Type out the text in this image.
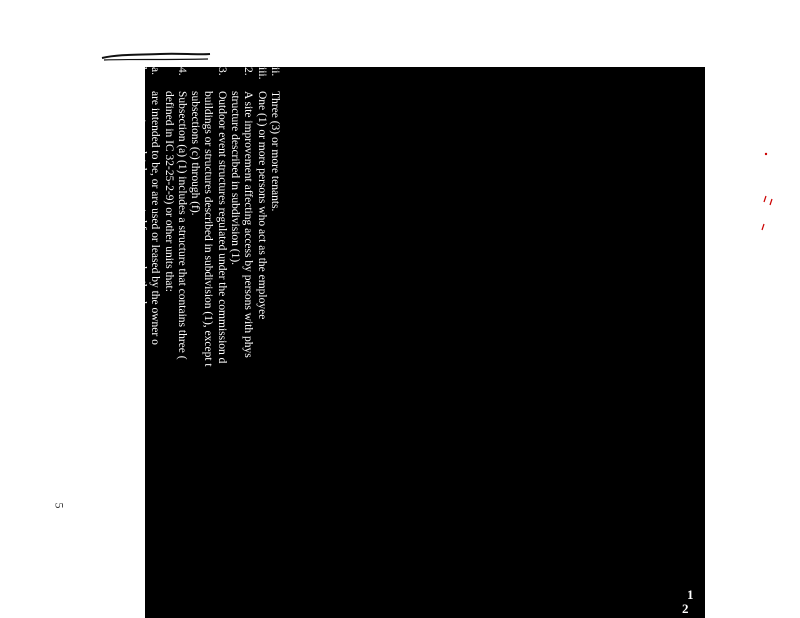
5
ii.
Three (3) or more tenants.
iii.
One (1) or more persons who act as the employee
2.
A site improvement affecting access by persons with phys
structure described in subdivision (1).
3.
Outdoor event structures regulated under the commission d
buildings or structures described in subdivision (1), except t
subsections (c) through (f).
4.
Subsection (a) (1) includes a structure that contains three (
defined in IC 32-25-2-9) or other units that:
a.
are intended to be, or are used or leased by the owner o
b.
are not completely separated from each other by an u
5.
Subsection (a) (1) does not include a building or structure
a.
is intended to be or is used only for an agricultural pu
located; and
b.
is used for retail trade or is a stand used for reta
or less consecutive months in a calendar year.
6.
Subsection (a) (1) does not include a Class 2 structure.
7.
Subsection (a) (1) does not include a vehicular bridge.
8.
Subsection (a) (1) does not include a structure that is inten
provide periodic maintenance or repair of:
a.
the structure; or
1
2
